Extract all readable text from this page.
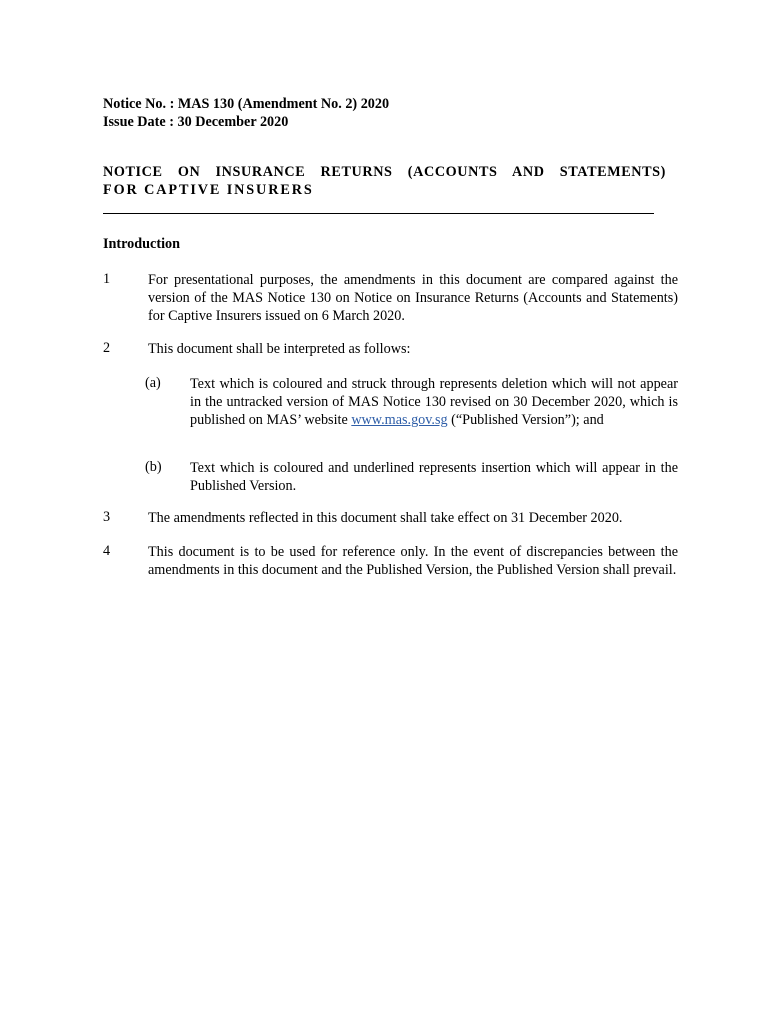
Notice No. : MAS 130 (Amendment No. 2) 2020
Issue Date : 30 December 2020
NOTICE ON INSURANCE RETURNS (ACCOUNTS AND STATEMENTS)
FOR CAPTIVE INSURERS
Introduction
1	For presentational purposes, the amendments in this document are compared against the version of the MAS Notice 130 on Notice on Insurance Returns (Accounts and Statements) for Captive Insurers issued on 6 March 2020.
2	This document shall be interpreted as follows:
(a) Text which is coloured and struck through represents deletion which will not appear in the untracked version of MAS Notice 130 revised on 30 December 2020, which is published on MAS’ website www.mas.gov.sg (“Published Version”); and
(b) Text which is coloured and underlined represents insertion which will appear in the Published Version.
3	The amendments reflected in this document shall take effect on 31 December 2020.
4	This document is to be used for reference only. In the event of discrepancies between the amendments in this document and the Published Version, the Published Version shall prevail.
